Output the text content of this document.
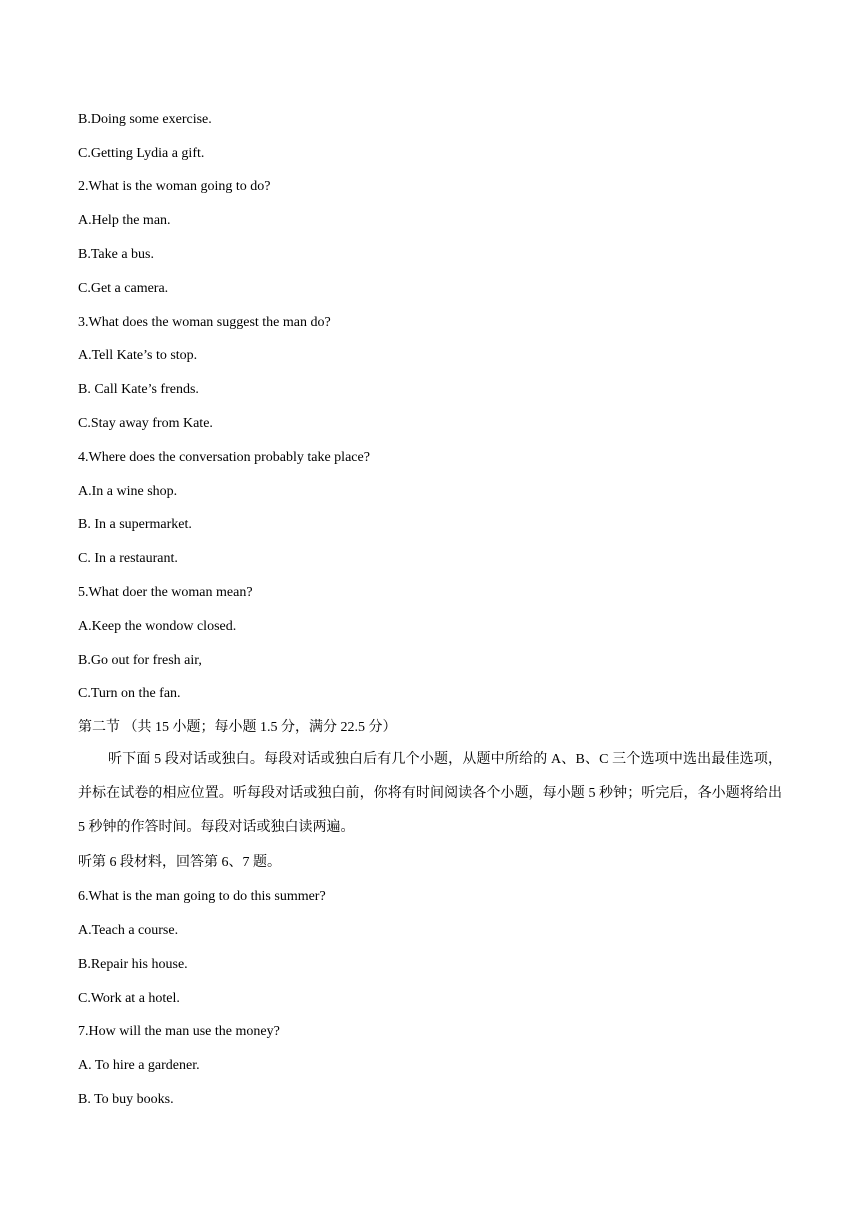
B.Doing some exercise.
C.Getting Lydia a gift.
2.What is the woman going to do?
A.Help the man.
B.Take a bus.
C.Get a camera.
3.What does the woman suggest the man do?
A.Tell Kate’s to stop.
B. Call Kate’s frends.
C.Stay away from Kate.
4.Where does the conversation probably take place?
A.In a wine shop.
B. In a supermarket.
C. In a restaurant.
5.What doer the woman mean?
A.Keep the wondow closed.
B.Go out for fresh air,
C.Turn on the fan.
第二节 （共 15 小题；每小题 1.5 分，满分 22.5 分）
听下面 5 段对话或独白。每段对话或独白后有几个小题，从题中所给的 A、B、C 三个选项中选出最佳选项，并标在试卷的相应位置。听每段对话或独白前，你将有时间阅读各个小题，每小题 5 秒钟；听完后，各小题将给出 5 秒钟的作答时间。每段对话或独白读两遍。
听第 6 段材料，回答第 6、7 题。
6.What is the man going to do this summer?
A.Teach a course.
B.Repair his house.
C.Work at a hotel.
7.How will the man use the money?
A. To hire a gardener.
B. To buy books.
